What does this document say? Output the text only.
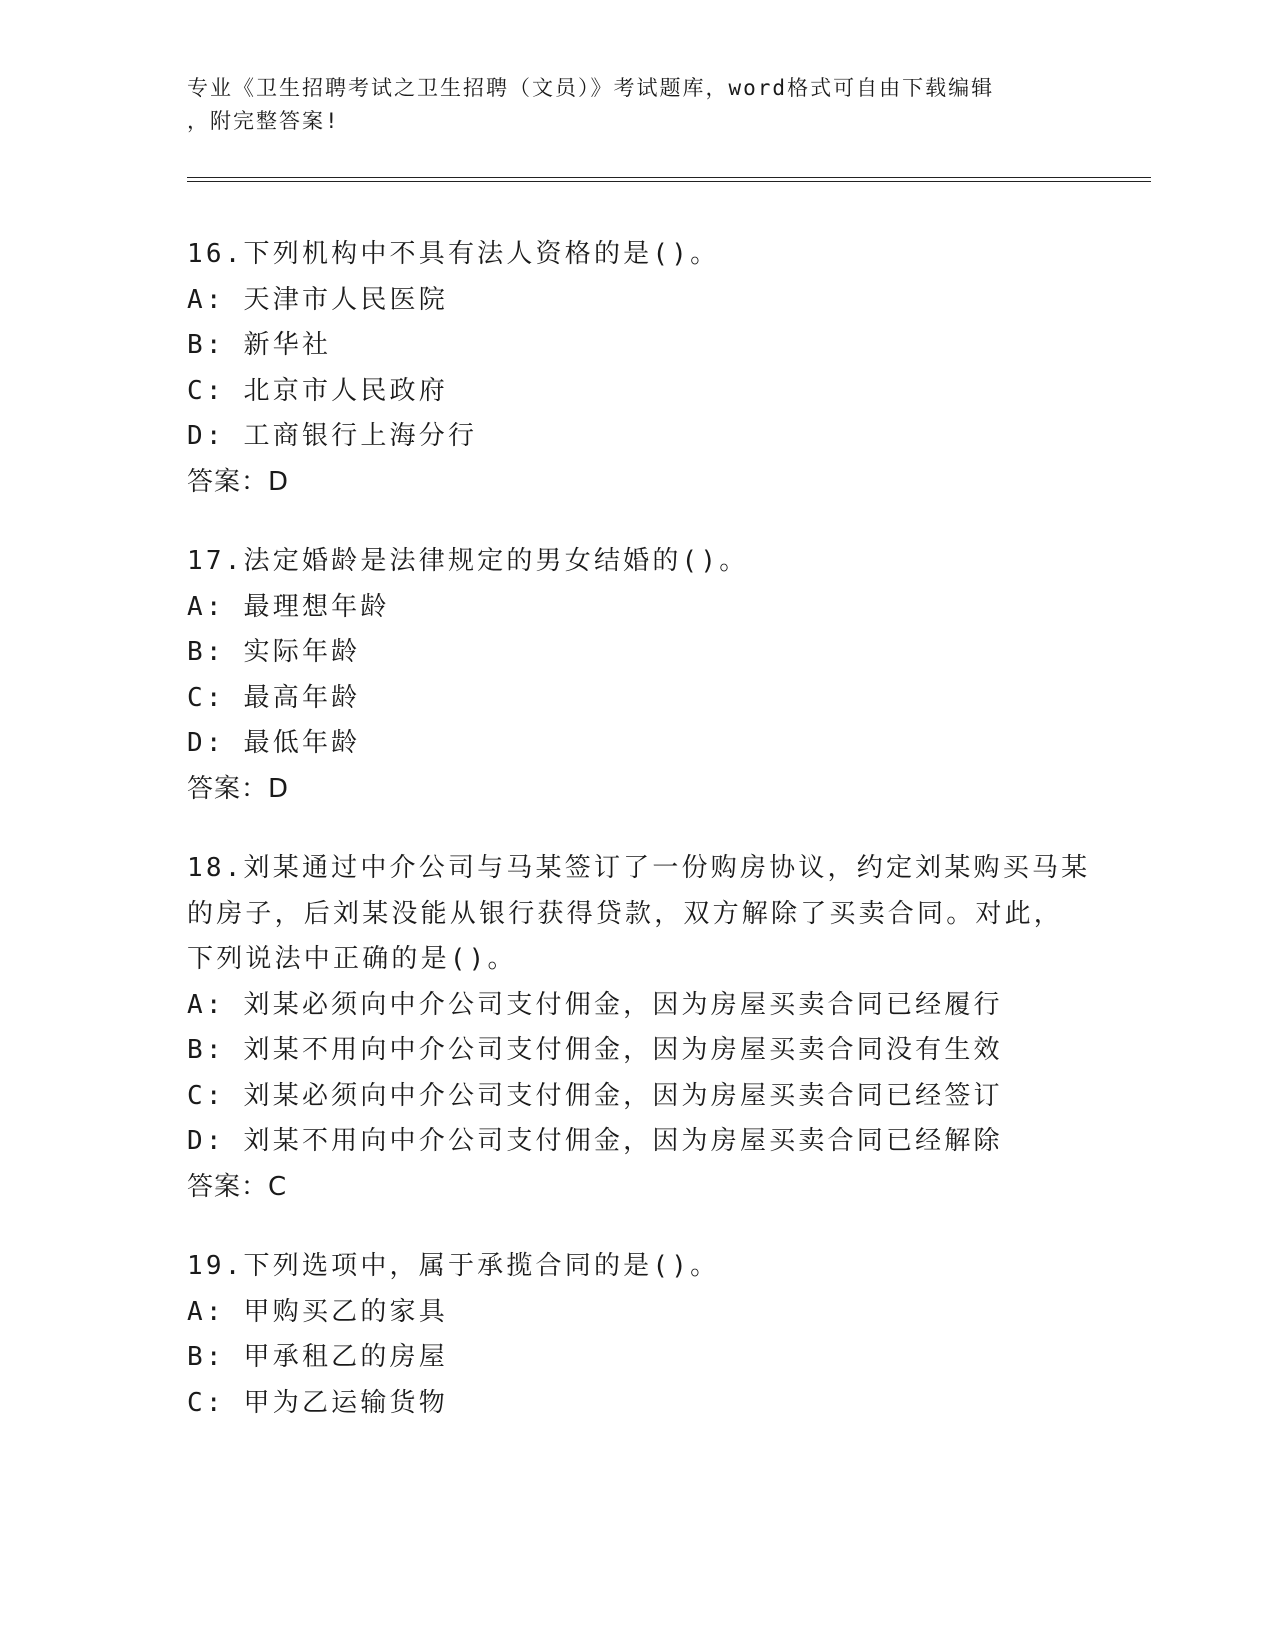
专业《卫生招聘考试之卫生招聘（文员）》考试题库，word格式可自由下载编辑
，附完整答案!
16.下列机构中不具有法人资格的是()。
A: 天津市人民医院
B: 新华社
C: 北京市人民政府
D: 工商银行上海分行
答案：D
17.法定婚龄是法律规定的男女结婚的()。
A: 最理想年龄
B: 实际年龄
C: 最高年龄
D: 最低年龄
答案：D
18.刘某通过中介公司与马某签订了一份购房协议，约定刘某购买马某
的房子，后刘某没能从银行获得贷款，双方解除了买卖合同。对此，
下列说法中正确的是()。
A: 刘某必须向中介公司支付佣金，因为房屋买卖合同已经履行
B: 刘某不用向中介公司支付佣金，因为房屋买卖合同没有生效
C: 刘某必须向中介公司支付佣金，因为房屋买卖合同已经签订
D: 刘某不用向中介公司支付佣金，因为房屋买卖合同已经解除
答案：C
19.下列选项中，属于承揽合同的是()。
A: 甲购买乙的家具
B: 甲承租乙的房屋
C: 甲为乙运输货物
